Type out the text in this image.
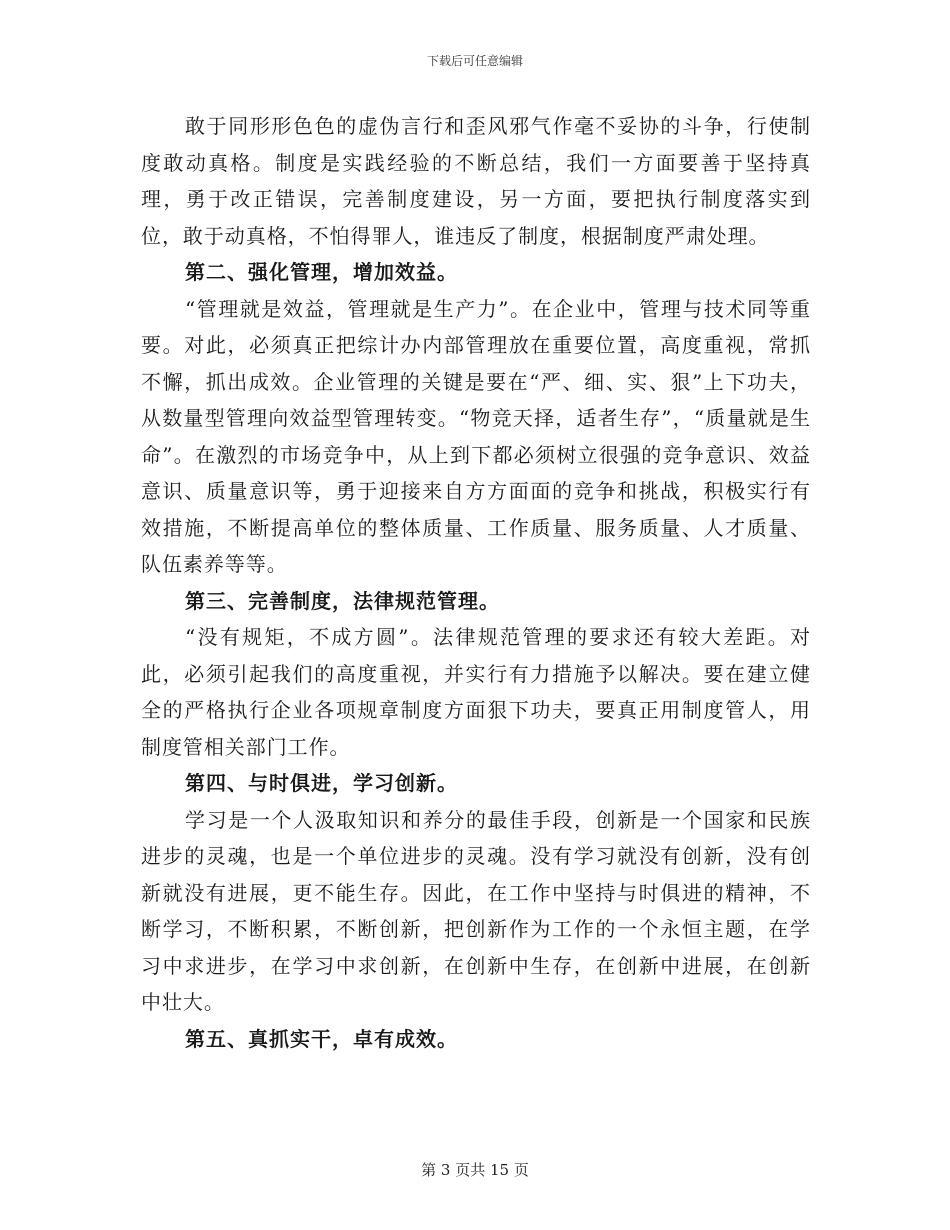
下载后可任意编辑

敢于同形形色色的虚伪言行和歪风邪气作毫不妥协的斗争，行使制度敢动真格。制度是实践经验的不断总结，我们一方面要善于坚持真理，勇于改正错误，完善制度建设，另一方面，要把执行制度落实到位，敢于动真格，不怕得罪人，谁违反了制度，根据制度严肃处理。

第二、强化管理，增加效益。

“管理就是效益，管理就是生产力”。在企业中，管理与技术同等重要。对此，必须真正把综计办内部管理放在重要位置，高度重视，常抓不懈，抓出成效。企业管理的关键是要在“严、细、实、狠”上下功夫，从数量型管理向效益型管理转变。“物竞天择，适者生存”，“质量就是生命”。在激烈的市场竞争中，从上到下都必须树立很强的竞争意识、效益意识、质量意识等，勇于迎接来自方方面面的竞争和挑战，积极实行有效措施，不断提高单位的整体质量、工作质量、服务质量、人才质量、队伍素养等等。

第三、完善制度，法律规范管理。

“没有规矩，不成方圆”。法律规范管理的要求还有较大差距。对此，必须引起我们的高度重视，并实行有力措施予以解决。要在建立健全的严格执行企业各项规章制度方面狠下功夫，要真正用制度管人，用制度管相关部门工作。

第四、与时俱进，学习创新。

学习是一个人汲取知识和养分的最佳手段，创新是一个国家和民族进步的灵魂，也是一个单位进步的灵魂。没有学习就没有创新，没有创新就没有进展，更不能生存。因此，在工作中坚持与时俱进的精神，不断学习，不断积累，不断创新，把创新作为工作的一个永恒主题，在学习中求进步，在学习中求创新，在创新中生存，在创新中进展，在创新中壮大。

第五、真抓实干，卓有成效。

第 3 页共 15 页
